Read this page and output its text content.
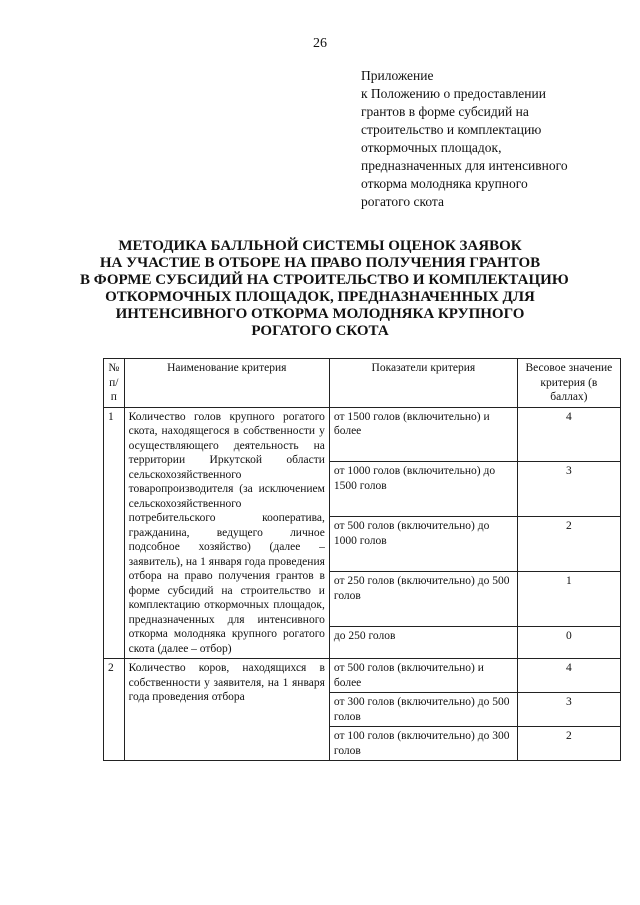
26
Приложение
к Положению о предоставлении
грантов в форме субсидий на
строительство и комплектацию
откормочных площадок,
предназначенных для интенсивного
откорма молодняка крупного
рогатого скота
МЕТОДИКА БАЛЛЬНОЙ СИСТЕМЫ ОЦЕНОК ЗАЯВОК
НА УЧАСТИЕ В ОТБОРЕ НА ПРАВО ПОЛУЧЕНИЯ ГРАНТОВ
В ФОРМЕ СУБСИДИЙ НА СТРОИТЕЛЬСТВО И КОМПЛЕКТАЦИЮ
ОТКОРМОЧНЫХ ПЛОЩАДОК, ПРЕДНАЗНАЧЕННЫХ ДЛЯ
ИНТЕНСИВНОГО ОТКОРМА МОЛОДНЯКА КРУПНОГО
РОГАТОГО СКОТА
№ п/п	Наименование критерия	Показатели критерия	Весовое значение критерия (в баллах)
1	Количество голов крупного рогатого скота, находящегося в собственности у осуществляющего деятельность на территории Иркутской области сельскохозяйственного товаропроизводителя (за исключением сельскохозяйственного потребительского кооператива, гражданина, ведущего личное подсобное хозяйство) (далее – заявитель), на 1 января года проведения отбора на право получения грантов в форме субсидий на строительство и комплектацию откормочных площадок, предназначенных для интенсивного откорма молодняка крупного рогатого скота (далее – отбор)	от 1500 голов (включительно) и более	4
		от 1000 голов (включительно) до 1500 голов	3
		от 500 голов (включительно) до 1000 голов	2
		от 250 голов (включительно) до 500 голов	1
		до 250 голов	0
2	Количество коров, находящихся в собственности у заявителя, на 1 января года проведения отбора	от 500 голов (включительно) и более	4
		от 300 голов (включительно) до 500 голов	3
		от 100 голов (включительно) до 300 голов	2
